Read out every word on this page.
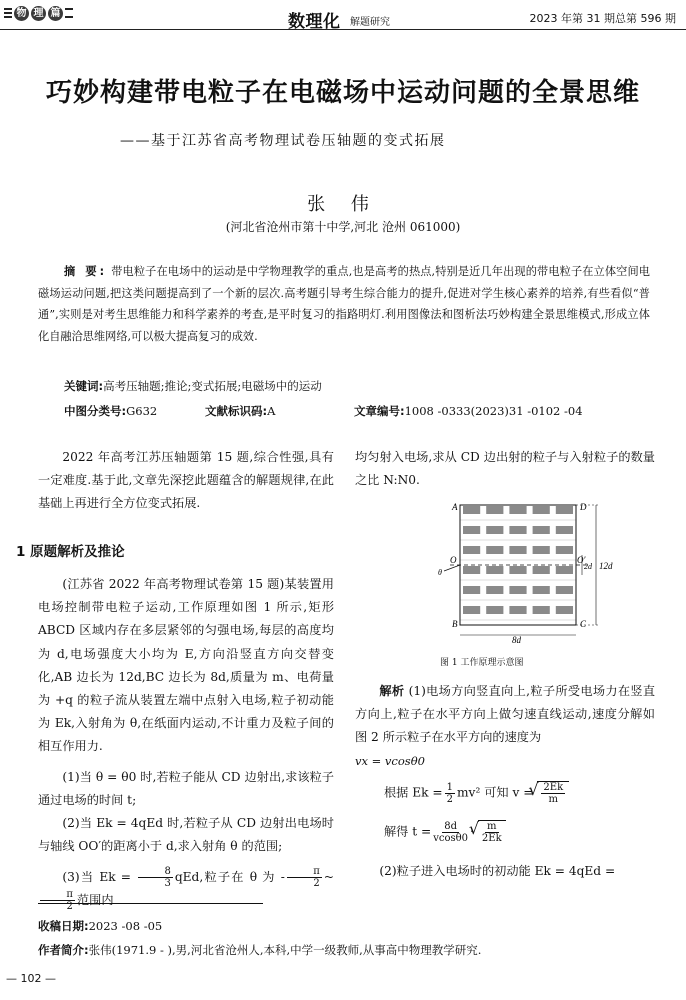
物 理 篇	数理化 解题研究	2023 年第 31 期总第 596 期
巧妙构建带电粒子在电磁场中运动问题的全景思维
——基于江苏省高考物理试卷压轴题的变式拓展
张 伟
(河北省沧州市第十中学,河北 沧州 061000)
摘 要: 带电粒子在电场中的运动是中学物理教学的重点,也是高考的热点,特别是近几年出现的带电粒子在立体空间电磁场运动问题,把这类问题提高到了一个新的层次.高考题引导考生综合能力的提升,促进对学生核心素养的培养,有些看似“普通”,实则是对考生思维能力和科学素养的考查,是平时复习的指路明灯.利用图像法和图析法巧妙构建全景思维模式,形成立体化自融洽思维网络,可以极大提高复习的成效.
关键词:高考压轴题;推论;变式拓展;电磁场中的运动
中图分类号:G632	文献标识码:A	文章编号:1008 -0333(2023)31 -0102 -04
2022 年高考江苏压轴题第 15 题,综合性强,具有一定难度.基于此,文章先深挖此题蕴含的解题规律,在此基础上再进行全方位变式拓展.
1 原题解析及推论
(江苏省 2022 年高考物理试卷第 15 题)某装置用电场控制带电粒子运动,工作原理如图 1 所示,矩形 ABCD 区域内存在多层紧邻的匀强电场,每层的高度均为 d,电场强度大小均为 E,方向沿竖直方向交替变化,AB 边长为 12d,BC 边长为 8d,质量为 m、电荷量为 +q 的粒子流从装置左端中点射入电场,粒子初动能为 Ek,入射角为 θ,在纸面内运动,不计重力及粒子间的相互作用力.
(1)当 θ = θ0 时,若粒子能从 CD 边射出,求该粒子通过电场的时间 t;
(2)当 Ek = 4qEd 时,若粒子从 CD 边射出电场时与轴线 OO′的距离小于 d,求入射角 θ 的范围;
(3)当 $Ek = \frac{8}{3}$ qEd,粒子在 θ 为 - $\frac{\pi}{2}$ ~
$\frac{\pi}{2}$ 范围内
均匀射入电场,求从 CD 边出射的粒子与入射粒子的数量之比 N:N0.
A
B	C
D
O	O′
θ
2d 12d
8d
图 1 工作原理示意图
解析 (1)电场方向竖直向上,粒子所受电场力在竖直方向上,粒子在水平方向上做匀速直线运动,速度分解如图 2 所示粒子在水平方向的速度为
vx = vcosθ0
根据 $Ek = \frac{1}{2} mv^2$ 可知 v = √ $\frac{2Ek}{m}$
解得 $t = \frac{8d}{vcos\theta 0}$ · √ $\frac{m}{2Ek}$
(2)粒子进入电场时的初动能 Ek = 4qEd =
收稿日期:2023 -08 -05
作者简介:张伟(1971.9 - ),男,河北省沧州人,本科,中学一级教师,从事高中物理教学研究.
— 102 —
